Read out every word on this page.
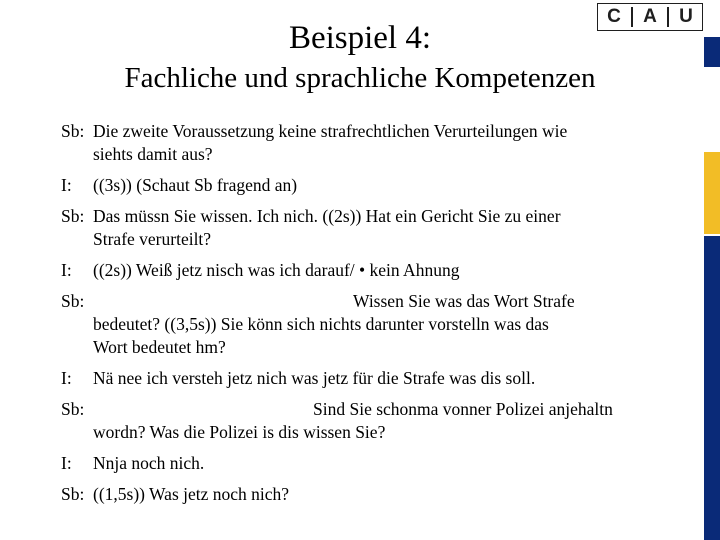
Beispiel 4:
Fachliche und sprachliche Kompetenzen
C A U
Sb: Die zweite Voraussetzung keine strafrechtlichen Verurteilungen wie
siehts damit aus?
I:	((3s)) (Schaut Sb fragend an)
Sb: Das müssn Sie wissen. Ich nich. ((2s)) Hat ein Gericht Sie zu einer
Strafe verurteilt?
I:	((2s)) Weiß jetz nisch was ich darauf/ • kein Ahnung
Sb:	Wissen Sie was das Wort Strafe
bedeutet? ((3,5s)) Sie könn sich nichts darunter vorstelln was das
Wort bedeutet hm?
I:	Nä nee ich versteh jetz nich was jetz für die Strafe was dis soll.
Sb:	Sind Sie schonma vonner Polizei anjehaltn
wordn? Was die Polizei is dis wissen Sie?
I:	Nnja noch nich.
Sb: ((1,5s)) Was jetz noch nich?
